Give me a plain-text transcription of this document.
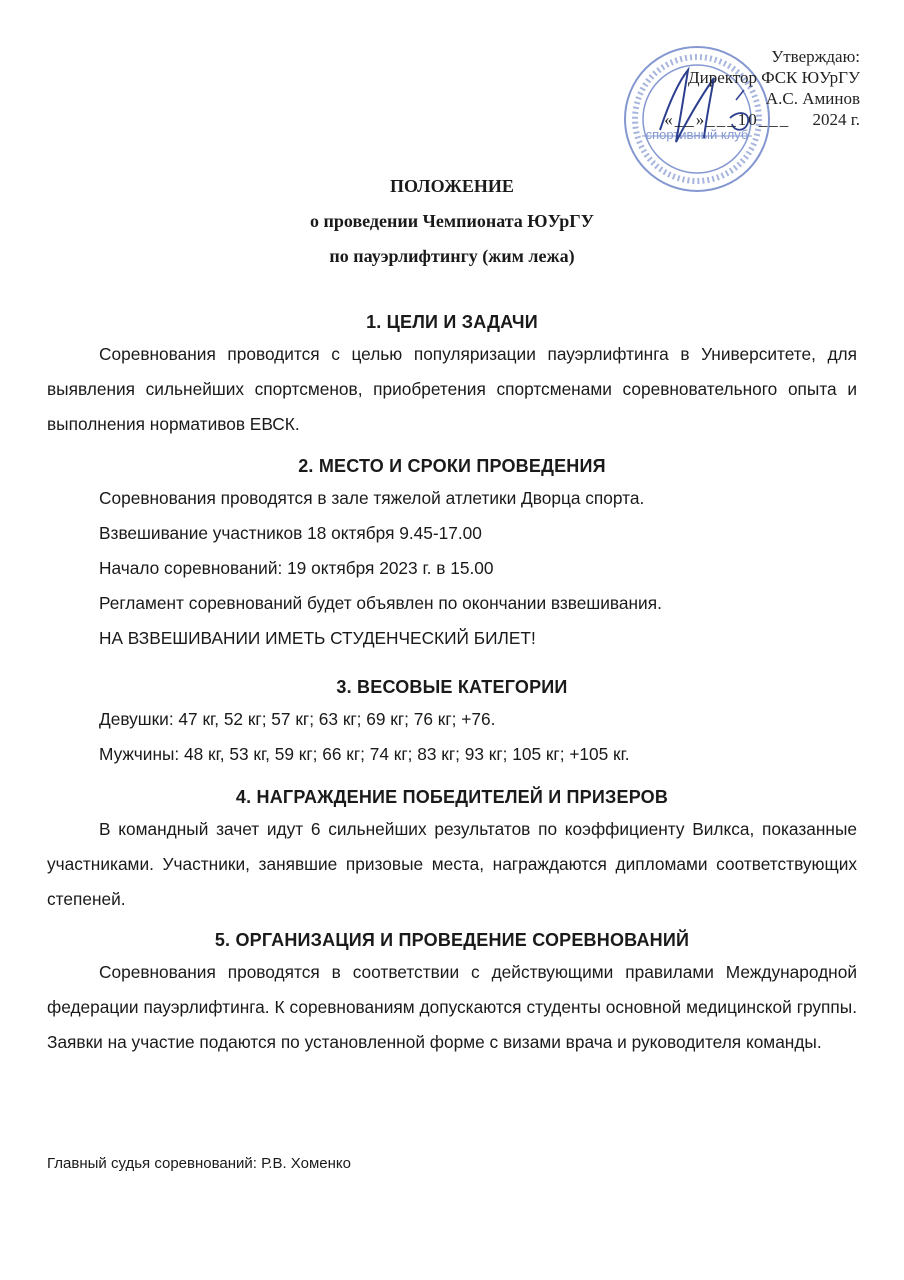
спортивный клуб
Утверждаю:
Директор ФСК ЮУрГУ
А.С. Аминов
«__»___10___ 2024 г.
ПОЛОЖЕНИЕ
о проведении Чемпионата ЮУрГУ
по пауэрлифтингу (жим лежа)
1. ЦЕЛИ И ЗАДАЧИ

Соревнования проводится с целью популяризации пауэрлифтинга в Университете, для выявления сильнейших спортсменов, приобретения спортсменами соревновательного опыта и выполнения нормативов ЕВСК.

2. МЕСТО И СРОКИ ПРОВЕДЕНИЯ

Соревнования проводятся в зале тяжелой атлетики Дворца спорта.

Взвешивание участников 18 октября 9.45-17.00

Начало соревнований: 19 октября 2023 г. в 15.00

Регламент соревнований будет объявлен по окончании взвешивания.

НА ВЗВЕШИВАНИИ ИМЕТЬ СТУДЕНЧЕСКИЙ БИЛЕТ!

3. ВЕСОВЫЕ КАТЕГОРИИ

Девушки: 47 кг, 52 кг; 57 кг; 63 кг; 69 кг; 76 кг; +76.

Мужчины: 48 кг, 53 кг, 59 кг; 66 кг; 74 кг; 83 кг; 93 кг; 105 кг; +105 кг.

4. НАГРАЖДЕНИЕ ПОБЕДИТЕЛЕЙ И ПРИЗЕРОВ

В командный зачет идут 6 сильнейших результатов по коэффициенту Вилкса, показанные участниками. Участники, занявшие призовые места, награждаются дипломами соответствующих степеней.

5. ОРГАНИЗАЦИЯ И ПРОВЕДЕНИЕ СОРЕВНОВАНИЙ

Соревнования проводятся в соответствии с действующими правилами Международной федерации пауэрлифтинга. К соревнованиям допускаются студенты основной медицинской группы. Заявки на участие подаются по установленной форме с визами врача и руководителя команды.

Главный судья соревнований: Р.В. Хоменко
